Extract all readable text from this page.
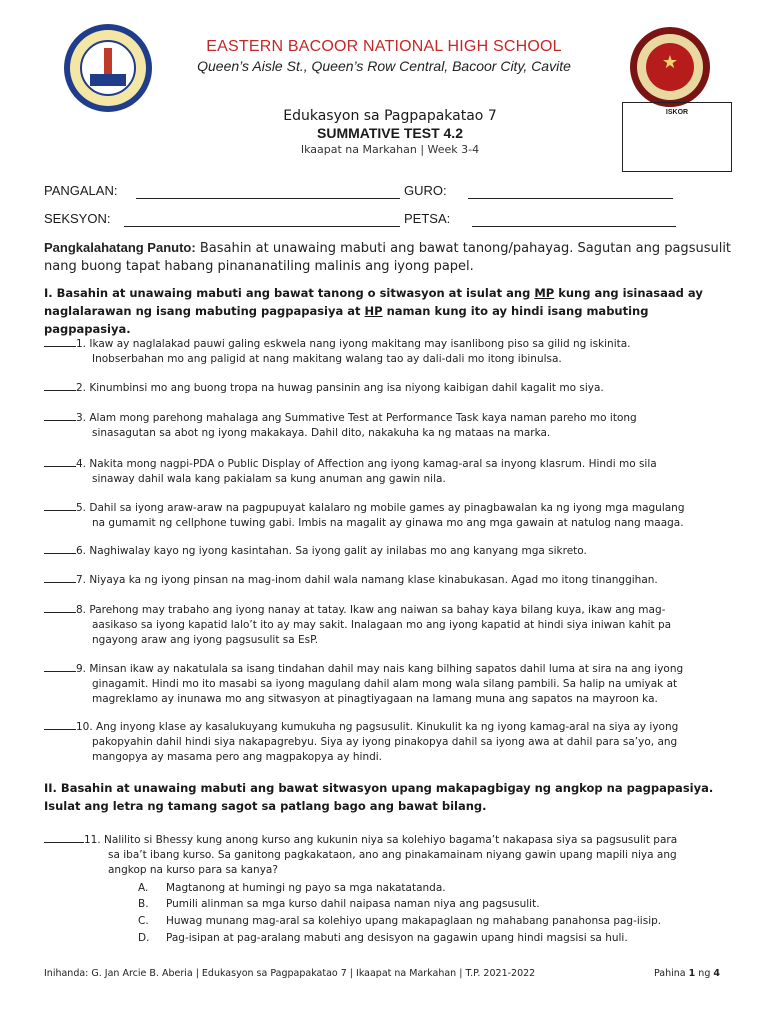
★
EASTERN BACOOR NATIONAL HIGH SCHOOL
Queen’s Aisle St., Queen’s Row Central, Bacoor City, Cavite
Edukasyon sa Pagpapakatao 7
SUMMATIVE TEST 4.2
Ikaapat na Markahan | Week 3-4
ISKOR
PANGALAN:	GURO:
SEKSYON:	PETSA:
Pangkalahatang Panuto: Basahin at unawaing mabuti ang bawat tanong/pahayag. Sagutan ang pagsusulit nang buong tapat habang pinananatiling malinis ang iyong papel.
I. Basahin at unawaing mabuti ang bawat tanong o sitwasyon at isulat ang MP kung ang isinasaad ay naglalarawan ng isang mabuting pagpapasiya at HP naman kung ito ay hindi isang mabuting pagpapasiya.
1. Ikaw ay naglalakad pauwi galing eskwela nang iyong makitang may isanlibong piso sa gilid ng iskinita.
Inobserbahan mo ang paligid at nang makitang walang tao ay dali-dali mo itong ibinulsa.
2. Kinumbinsi mo ang buong tropa na huwag pansinin ang isa niyong kaibigan dahil kagalit mo siya.
3. Alam mong parehong mahalaga ang Summative Test at Performance Task kaya naman pareho mo itong
sinasagutan sa abot ng iyong makakaya. Dahil dito, nakakuha ka ng mataas na marka.
4. Nakita mong nagpi-PDA o Public Display of Affection ang iyong kamag-aral sa inyong klasrum. Hindi mo sila
sinaway dahil wala kang pakialam sa kung anuman ang gawin nila.
5. Dahil sa iyong araw-araw na pagpupuyat kalalaro ng mobile games ay pinagbawalan ka ng iyong mga magulang
na gumamit ng cellphone tuwing gabi. Imbis na magalit ay ginawa mo ang mga gawain at natulog nang maaga.
6. Naghiwalay kayo ng iyong kasintahan. Sa iyong galit ay inilabas mo ang kanyang mga sikreto.
7. Niyaya ka ng iyong pinsan na mag-inom dahil wala namang klase kinabukasan. Agad mo itong tinanggihan.
8. Parehong may trabaho ang iyong nanay at tatay. Ikaw ang naiwan sa bahay kaya bilang kuya, ikaw ang mag-
aasikaso sa iyong kapatid lalo’t ito ay may sakit. Inalagaan mo ang iyong kapatid at hindi siya iniwan kahit pa
ngayong araw ang iyong pagsusulit sa EsP.
9. Minsan ikaw ay nakatulala sa isang tindahan dahil may nais kang bilhing sapatos dahil luma at sira na ang iyong
ginagamit. Hindi mo ito masabi sa iyong magulang dahil alam mong wala silang pambili. Sa halip na umiyak at
magreklamo ay inunawa mo ang sitwasyon at pinagtiyagaan na lamang muna ang sapatos na mayroon ka.
10. Ang inyong klase ay kasalukuyang kumukuha ng pagsusulit. Kinukulit ka ng iyong kamag-aral na siya ay iyong
pakopyahin dahil hindi siya nakapagrebyu. Siya ay iyong pinakopya dahil sa iyong awa at dahil para sa’yo, ang
mangopya ay masama pero ang magpakopya ay hindi.
II. Basahin at unawaing mabuti ang bawat sitwasyon upang makapagbigay ng angkop na pagpapasiya.
Isulat ang letra ng tamang sagot sa patlang bago ang bawat bilang.
11. Nalilito si Bhessy kung anong kurso ang kukunin niya sa kolehiyo bagama’t nakapasa siya sa pagsusulit para
sa iba’t ibang kurso. Sa ganitong pagkakataon, ano ang pinakamainam niyang gawin upang mapili niya ang
angkop na kurso para sa kanya?
A. Magtanong at humingi ng payo sa mga nakatatanda.
B. Pumili alinman sa mga kurso dahil naipasa naman niya ang pagsusulit.
C. Huwag munang mag-aral sa kolehiyo upang makapaglaan ng mahabang panahonsa pag-iisip.
D. Pag-isipan at pag-aralang mabuti ang desisyon na gagawin upang hindi magsisi sa huli.
Inihanda: G. Jan Arcie B. Aberia | Edukasyon sa Pagpapakatao 7 | Ikaapat na Markahan | T.P. 2021-2022	Pahina 1 ng 4
